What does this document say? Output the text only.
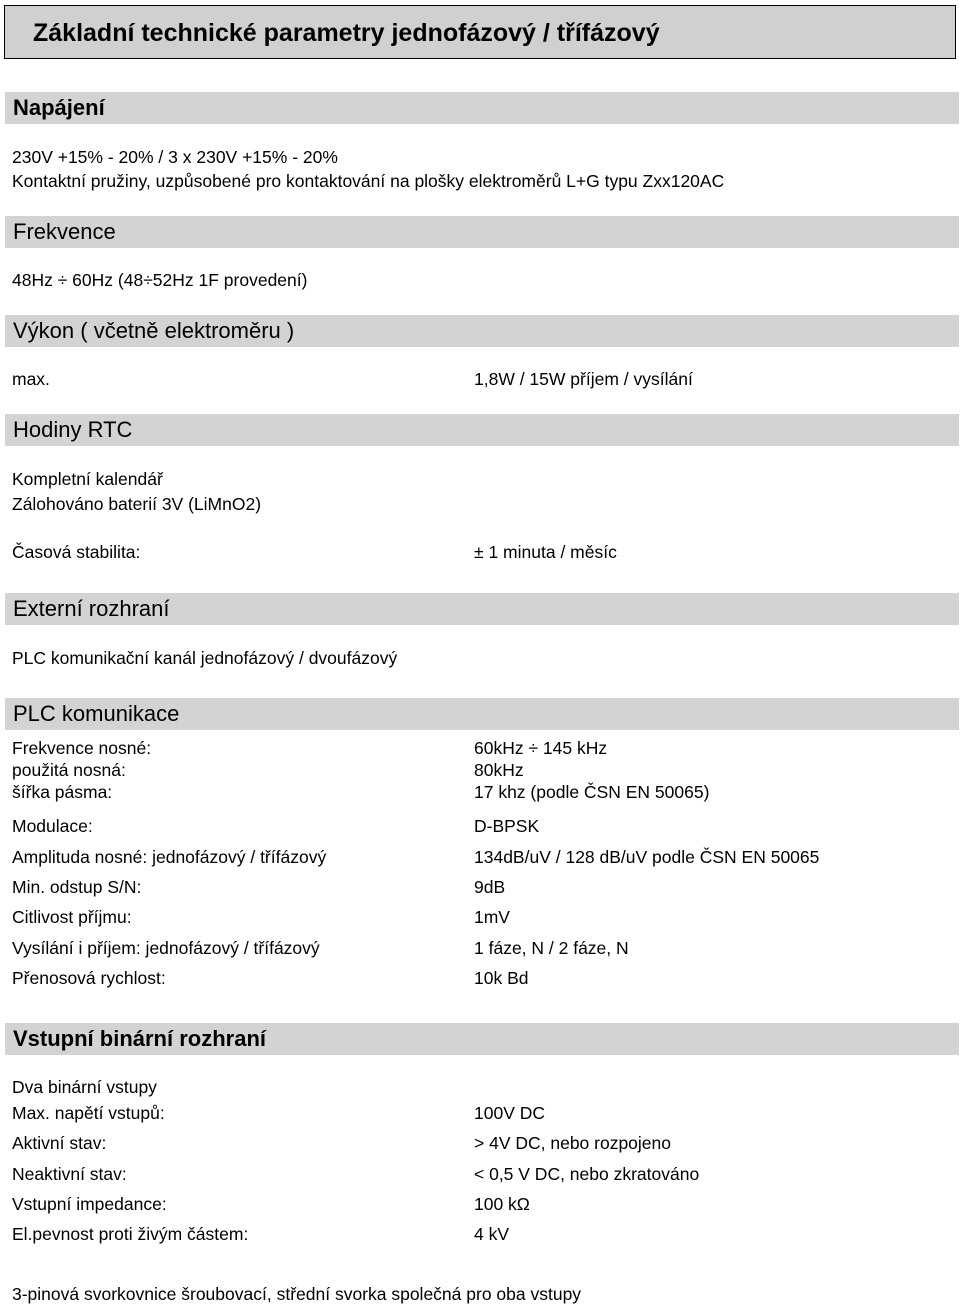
Základní technické parametry jednofázový / třífázový
Napájení
230V +15% - 20% / 3 x 230V +15% - 20%
Kontaktní pružiny, uzpůsobené pro kontaktování na plošky elektroměrů L+G typu Zxx120AC
Frekvence
48Hz ÷ 60Hz (48÷52Hz 1F provedení)
Výkon ( včetně elektroměru )
max.	1,8W / 15W příjem / vysílání
Hodiny RTC
Kompletní kalendář
Zálohováno baterií 3V (LiMnO2)
Časová stabilita:	± 1 minuta / měsíc
Externí rozhraní
PLC komunikační kanál jednofázový / dvoufázový
PLC komunikace
Frekvence nosné:	60kHz ÷ 145 kHz
použitá nosná:	80kHz
šířka pásma:	17 khz (podle ČSN EN 50065)
Modulace:	D-BPSK
Amplituda nosné: jednofázový / třífázový	134dB/uV / 128 dB/uV podle ČSN EN 50065
Min. odstup S/N:	9dB
Citlivost příjmu:	1mV
Vysílání i příjem: jednofázový / třífázový	1 fáze, N / 2 fáze, N
Přenosová rychlost:	10k Bd
Vstupní binární rozhraní
Dva binární vstupy
Max. napětí vstupů:	100V DC
Aktivní stav:	> 4V DC, nebo rozpojeno
Neaktivní stav:	< 0,5 V DC, nebo zkratováno
Vstupní impedance:	100 kΩ
El.pevnost proti živým částem:	4 kV
3-pinová svorkovnice šroubovací, střední svorka společná pro oba vstupy
